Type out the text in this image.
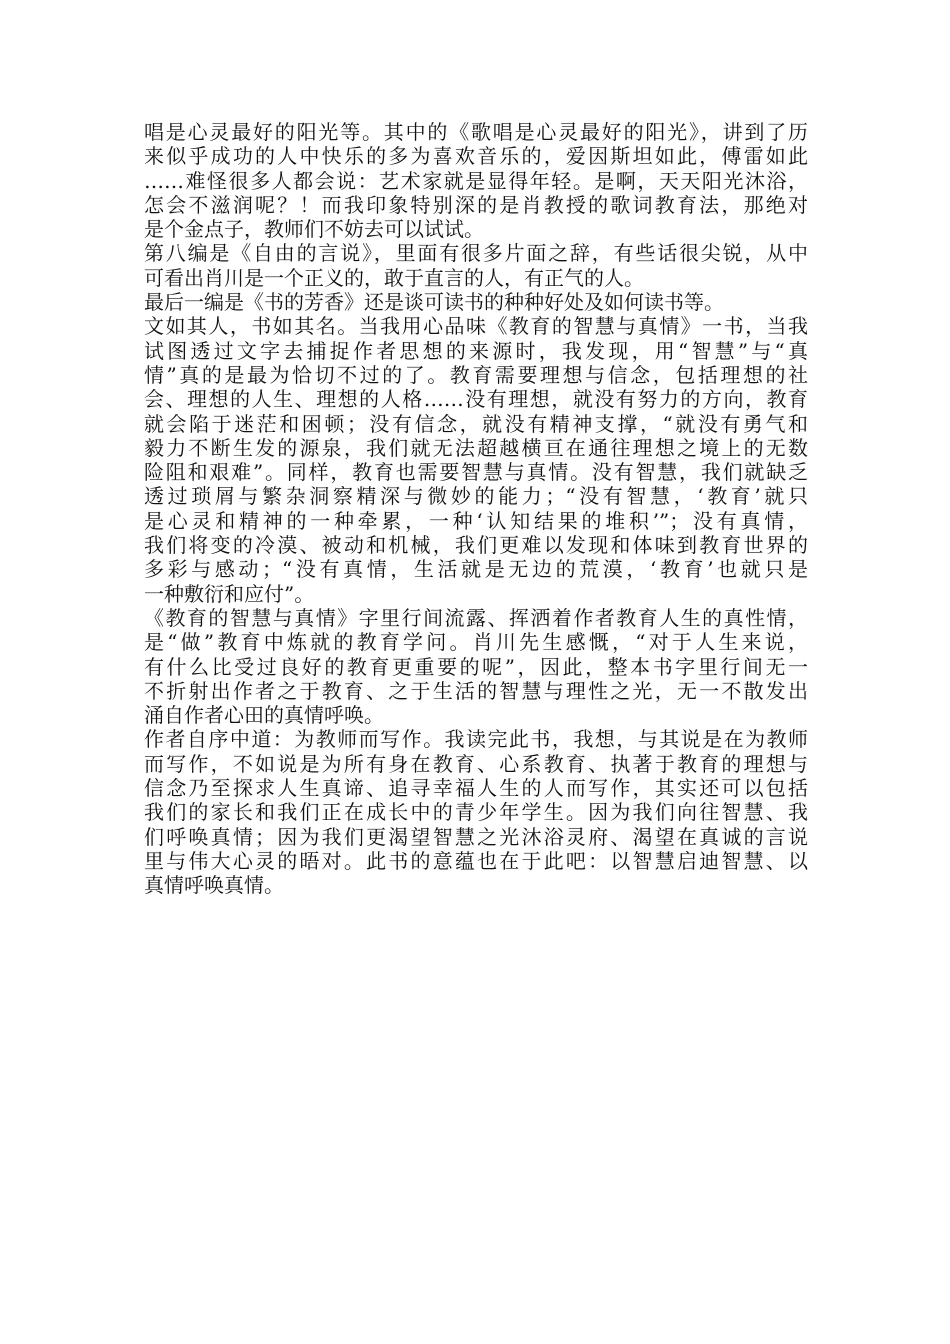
唱是心灵最好的阳光等。其中的《歌唱是心灵最好的阳光》，讲到了历
来似乎成功的人中快乐的多为喜欢音乐的，爱因斯坦如此，傅雷如此
……难怪很多人都会说：艺术家就是显得年轻。是啊，天天阳光沐浴，
怎会不滋润呢？！而我印象特别深的是肖教授的歌词教育法，那绝对
是个金点子，教师们不妨去可以试试。
第八编是《自由的言说》，里面有很多片面之辞，有些话很尖锐，从中
可看出肖川是一个正义的，敢于直言的人，有正气的人。
最后一编是《书的芳香》还是谈可读书的种种好处及如何读书等。
文如其人，书如其名。当我用心品味《教育的智慧与真情》一书，当我
试图透过文字去捕捉作者思想的来源时，我发现，用“智慧”与“真
情”真的是最为恰切不过的了。教育需要理想与信念，包括理想的社
会、理想的人生、理想的人格……没有理想，就没有努力的方向，教育
就会陷于迷茫和困顿；没有信念，就没有精神支撑，“就没有勇气和
毅力不断生发的源泉，我们就无法超越横亘在通往理想之境上的无数
险阻和艰难”。同样，教育也需要智慧与真情。没有智慧，我们就缺乏
透过琐屑与繁杂洞察精深与微妙的能力；“没有智慧，‘教育’就只
是心灵和精神的一种牵累，一种‘认知结果的堆积’”；没有真情，
我们将变的冷漠、被动和机械，我们更难以发现和体味到教育世界的
多彩与感动；“没有真情，生活就是无边的荒漠，‘教育’也就只是
一种敷衍和应付”。
《教育的智慧与真情》字里行间流露、挥洒着作者教育人生的真性情，
是“做”教育中炼就的教育学问。肖川先生感慨，“对于人生来说，
有什么比受过良好的教育更重要的呢”，因此，整本书字里行间无一
不折射出作者之于教育、之于生活的智慧与理性之光，无一不散发出
涌自作者心田的真情呼唤。
作者自序中道：为教师而写作。我读完此书，我想，与其说是在为教师
而写作，不如说是为所有身在教育、心系教育、执著于教育的理想与
信念乃至探求人生真谛、追寻幸福人生的人而写作，其实还可以包括
我们的家长和我们正在成长中的青少年学生。因为我们向往智慧、我
们呼唤真情；因为我们更渴望智慧之光沐浴灵府、渴望在真诚的言说
里与伟大心灵的晤对。此书的意蕴也在于此吧：以智慧启迪智慧、以
真情呼唤真情。
